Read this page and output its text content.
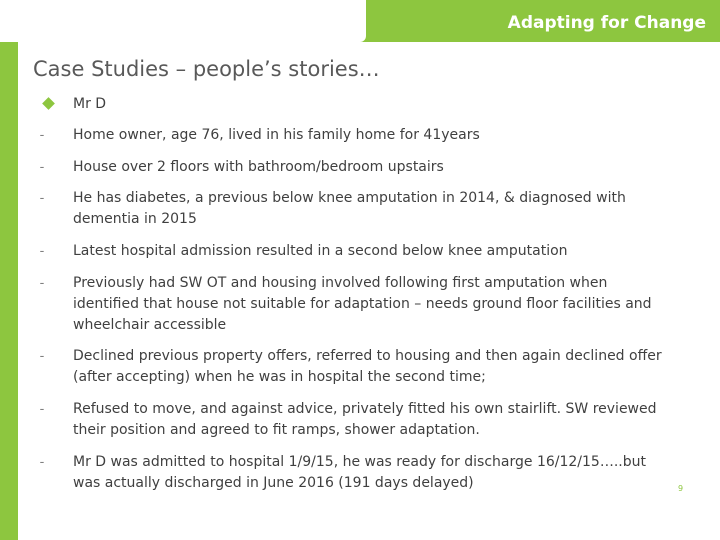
Adapting for Change
Case Studies – people’s stories…
Mr D
-	Home owner, age 76, lived in his family home for 41years
-	House over 2 floors with bathroom/bedroom upstairs
-	He has diabetes, a previous below knee amputation in 2014, & diagnosed with dementia in 2015
-	Latest hospital admission resulted in a second below knee amputation
-	Previously had SW OT and housing involved following first amputation when identified that house not suitable for adaptation – needs ground floor facilities and wheelchair accessible
-	Declined previous property offers, referred to housing and then again declined offer (after accepting) when he was in hospital the second time;
-	Refused to move, and against advice, privately fitted his own stairlift. SW reviewed their position and agreed to fit ramps, shower adaptation.
-	Mr D was admitted to hospital 1/9/15, he was ready for discharge 16/12/15…..but was actually discharged in June 2016 (191 days delayed)	9
